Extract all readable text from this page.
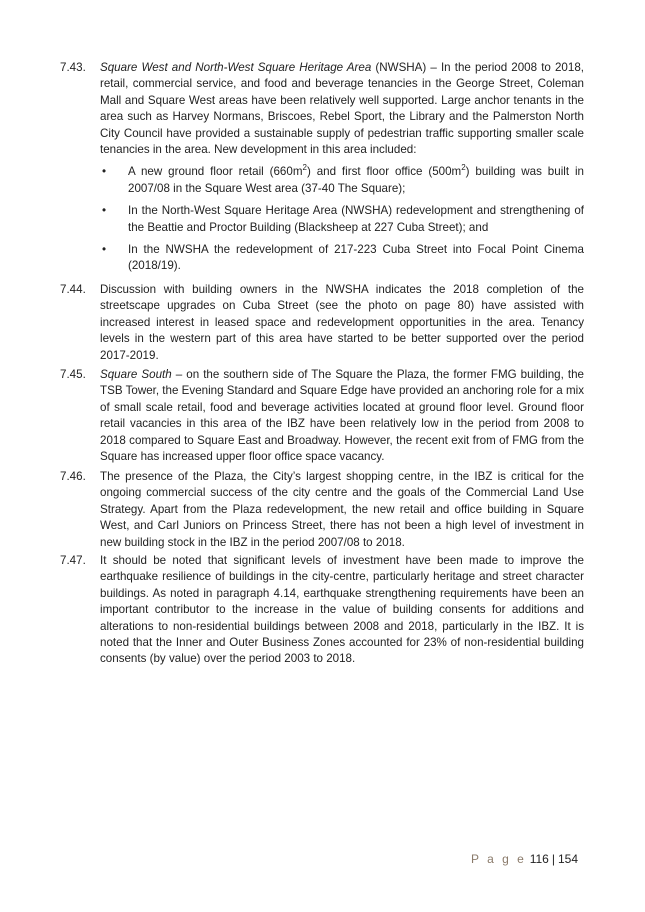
7.43.	Square West and North-West Square Heritage Area (NWSHA) – In the period 2008 to 2018, retail, commercial service, and food and beverage tenancies in the George Street, Coleman Mall and Square West areas have been relatively well supported. Large anchor tenants in the area such as Harvey Normans, Briscoes, Rebel Sport, the Library and the Palmerston North City Council have provided a sustainable supply of pedestrian traffic supporting smaller scale tenancies in the area. New development in this area included:
• A new ground floor retail $(660m^2)$ and first floor office $(500m^2)$ building was built in 2007/08 in the Square West area (37-40 The Square);
• In the North-West Square Heritage Area (NWSHA) redevelopment and strengthening of the Beattie and Proctor Building (Blacksheep at 227 Cuba Street); and
• In the NWSHA the redevelopment of 217-223 Cuba Street into Focal Point Cinema (2018/19).
7.44.	Discussion with building owners in the NWSHA indicates the 2018 completion of the streetscape upgrades on Cuba Street (see the photo on page 80) have assisted with increased interest in leased space and redevelopment opportunities in the area. Tenancy levels in the western part of this area have started to be better supported over the period 2017-2019.
7.45.	Square South – on the southern side of The Square the Plaza, the former FMG building, the TSB Tower, the Evening Standard and Square Edge have provided an anchoring role for a mix of small scale retail, food and beverage activities located at ground floor level. Ground floor retail vacancies in this area of the IBZ have been relatively low in the period from 2008 to 2018 compared to Square East and Broadway. However, the recent exit from of FMG from the Square has increased upper floor office space vacancy.
7.46.	The presence of the Plaza, the City’s largest shopping centre, in the IBZ is critical for the ongoing commercial success of the city centre and the goals of the Commercial Land Use Strategy. Apart from the Plaza redevelopment, the new retail and office building in Square West, and Carl Juniors on Princess Street, there has not been a high level of investment in new building stock in the IBZ in the period 2007/08 to 2018.
7.47.	It should be noted that significant levels of investment have been made to improve the earthquake resilience of buildings in the city-centre, particularly heritage and street character buildings. As noted in paragraph 4.14, earthquake strengthening requirements have been an important contributor to the increase in the value of building consents for additions and alterations to non-residential buildings between 2008 and 2018, particularly in the IBZ. It is noted that the Inner and Outer Business Zones accounted for 23% of non-residential building consents (by value) over the period 2003 to 2018.
P a g e 116 | 154
